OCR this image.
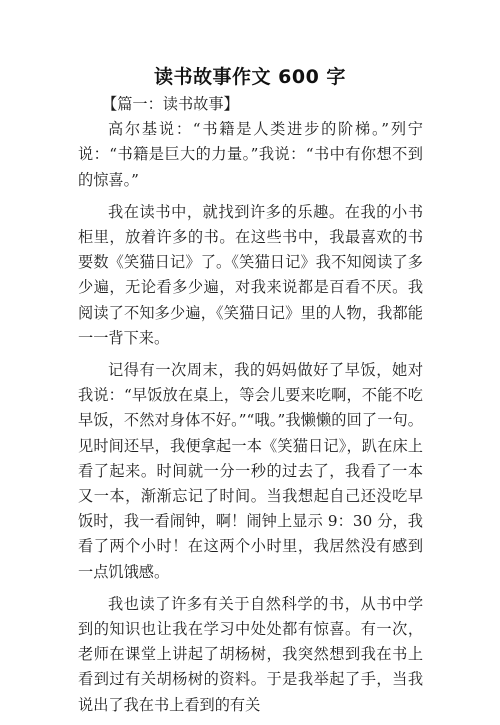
读书故事作文 600 字

【篇一：读书故事】

高尔基说：“书籍是人类进步的阶梯。”列宁说：“书籍是巨大的力量。”我说：“书中有你想不到的惊喜。”

我在读书中，就找到许多的乐趣。在我的小书柜里，放着许多的书。在这些书中，我最喜欢的书要数《笑猫日记》了。《笑猫日记》我不知阅读了多少遍，无论看多少遍，对我来说都是百看不厌。我阅读了不知多少遍，《笑猫日记》里的人物，我都能一一背下来。

记得有一次周末，我的妈妈做好了早饭，她对我说：“早饭放在桌上，等会儿要来吃啊，不能不吃早饭，不然对身体不好。”“哦。”我懒懒的回了一句。见时间还早，我便拿起一本《笑猫日记》，趴在床上看了起来。时间就一分一秒的过去了，我看了一本又一本，渐渐忘记了时间。当我想起自己还没吃早饭时，我一看闹钟，啊！闹钟上显示 9：30 分，我看了两个小时！在这两个小时里，我居然没有感到一点饥饿感。

我也读了许多有关于自然科学的书，从书中学到的知识也让我在学习中处处都有惊喜。有一次，老师在课堂上讲起了胡杨树，我突然想到我在书上看到过有关胡杨树的资料。于是我举起了手，当我说出了我在书上看到的有关
